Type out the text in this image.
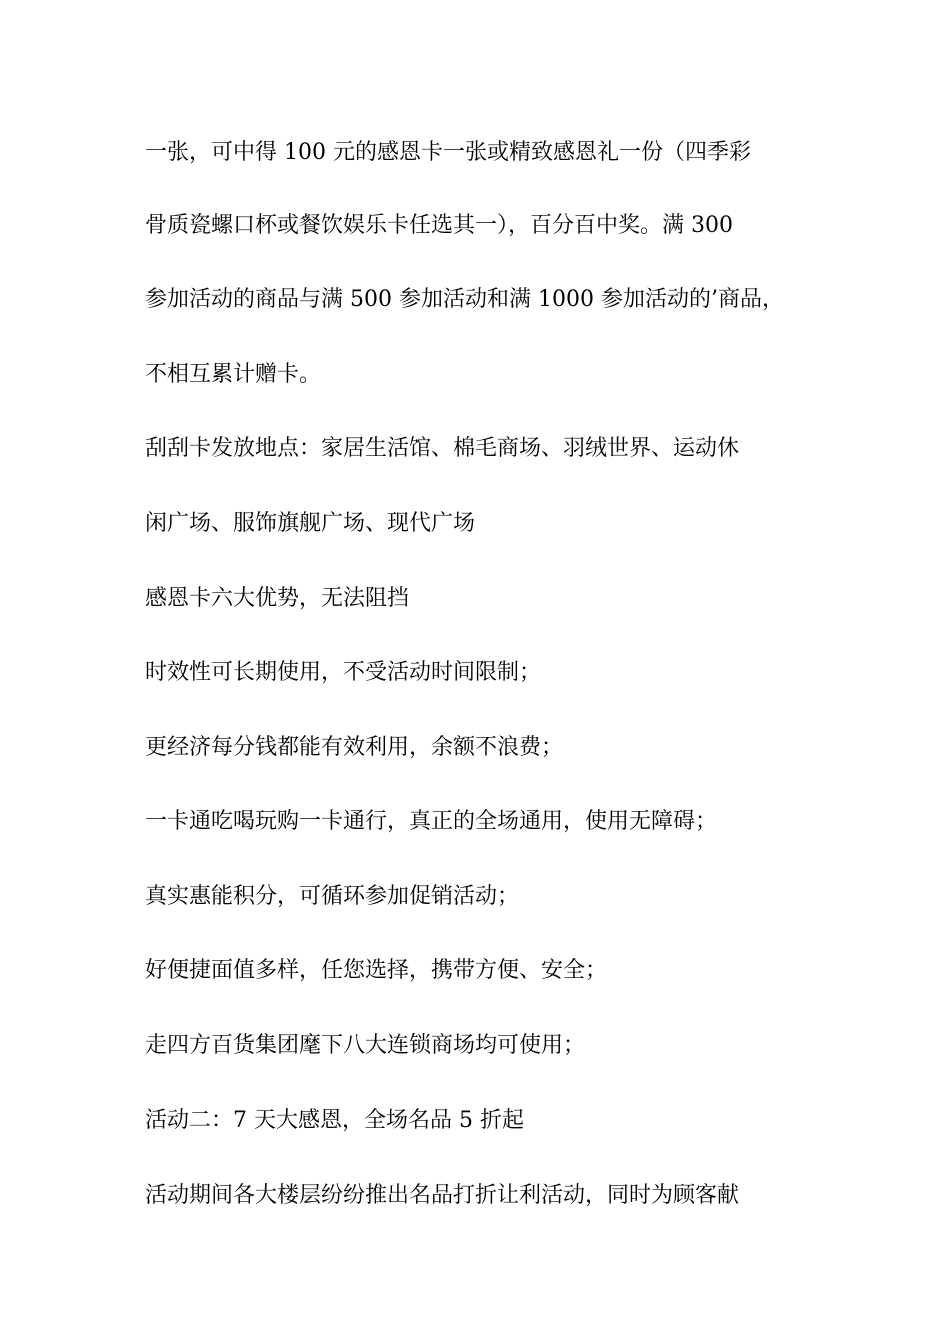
一张，可中得 100 元的感恩卡一张或精致感恩礼一份（四季彩

骨质瓷螺口杯或餐饮娱乐卡任选其一），百分百中奖。满 300

参加活动的商品与满 500 参加活动和满 1000 参加活动的’商品，

不相互累计赠卡。

刮刮卡发放地点：家居生活馆、棉毛商场、羽绒世界、运动休

闲广场、服饰旗舰广场、现代广场

感恩卡六大优势，无法阻挡

时效性可长期使用，不受活动时间限制；

更经济每分钱都能有效利用，余额不浪费；

一卡通吃喝玩购一卡通行，真正的全场通用，使用无障碍；

真实惠能积分，可循环参加促销活动；

好便捷面值多样，任您选择，携带方便、安全；

走四方百货集团麾下八大连锁商场均可使用；

活动二：7 天大感恩，全场名品 5 折起

活动期间各大楼层纷纷推出名品打折让利活动，同时为顾客献
